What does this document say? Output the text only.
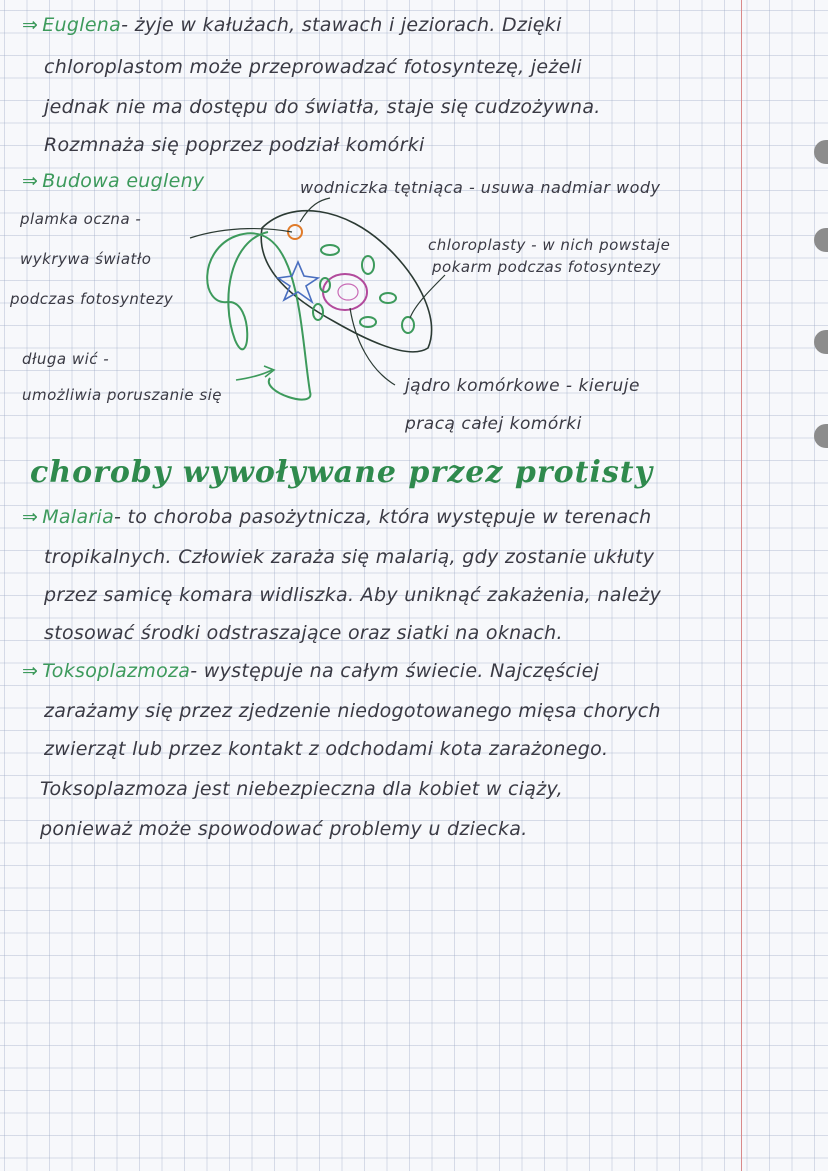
⇒ Euglena- żyje w kałużach, stawach i jeziorach. Dzięki
chloroplastom może przeprowadzać fotosyntezę, jeżeli
jednak nie ma dostępu do światła, staje się cudzożywna.
Rozmnaża się poprzez podział komórki
⇒ Budowa eugleny	wodniczka tętniąca - usuwa nadmiar wody
plamka oczna -
wykrywa światło
podczas fotosyntezy
chloroplasty - w nich powstaje
pokarm podczas fotosyntezy
długa wić -
umożliwia poruszanie się	jądro komórkowe - kieruje
pracą całej komórki
choroby wywoływane przez protisty
⇒ Malaria- to choroba pasożytnicza, która występuje w terenach
tropikalnych. Człowiek zaraża się malarią, gdy zostanie ukłuty
przez samicę komara widliszka. Aby uniknąć zakażenia, należy
stosować środki odstraszające oraz siatki na oknach.
⇒ Toksoplazmoza- występuje na całym świecie. Najczęściej
zarażamy się przez zjedzenie niedogotowanego mięsa chorych
zwierząt lub przez kontakt z odchodami kota zarażonego.
Toksoplazmoza jest niebezpieczna dla kobiet w ciąży,
ponieważ może spowodować problemy u dziecka.
